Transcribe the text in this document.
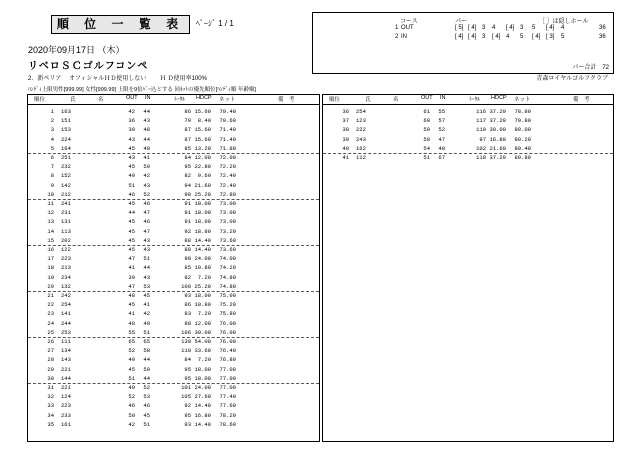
順 位 一 覧 表	ﾍﾟｰｼﾞ 1 / 1	コース	パー	［ ］は隠しホール
1 OUT	[ 5] [ 4] 3 4 [ 4] 3 5 [ 4] 4	36
2 IN	[ 4] [ 4] 3 [ 4] 4 5 [ 4] [ 3] 5	36
パー合計　72
2020年09月17日 （木）
リベロＳＣゴルフコンペ
2．新ペリア　 オフィシャルＨＤ使用しない　 　Ｈ Ｄ使用率100%	青森ロイヤルゴルフクラブ
ﾊﾝﾃﾞｨ上限男性[999.99] 女性[999.99] 上限を9倍ﾊﾞｰ込とする 同ﾈｯﾄの優先順位[ﾊﾝﾃﾞｨ順 年齢順]
順位	氏	名	OUT IN	ﾄｰﾀﾙ HDCP ネット	備　考
1 163	42	44	86 15.60 70.40
2 151	36	43	79	8.40 70.60
3 153	39	48	87 15.60 71.40
4 224	43	44	87 15.60 71.40
5 164	45	40	85 13.20 71.80
6 251	43	41	84 12.00 72.00
7 232	45	50	95 22.80 72.20
8 152	40	42	82	9.60 72.40
9 142	51	43	94 21.60 72.40
10 212	46	52	98 25.20 72.80
11 241	45	46	91 18.00 73.00
12 231	44	47	91 18.00 73.00
13 131	45	46	91 18.00 73.00
14 113	45	47	92 18.80 73.20
15 202	45	43	88 14.40 73.60
16 122	45	43	88 14.40 73.60
17 223	47	51	98 24.00 74.00
18 213	41	44	85 10.80 74.20
19 234	39	43	82	7.20 74.80
20 132	47	53	100 25.20 74.80
21 242	48	45	93 18.00 75.00
22 254	45	41	86 10.80 75.20
23 141	41	42	83	7.20 75.80
24 244	48	40	88 12.00 76.00
25 253	55	51	106 30.00 76.00
26 111	65	65	130 54.00 76.00
27 134	52	58	110 33.60 76.40
28 143	40	44	84	7.20 76.80
29 221	45	50	95 18.00 77.00
30 144	51	44	95 18.00 77.00
31 221	49	52	101 24.00 77.00
32 124	52	53	105 27.60 77.40
33 223	46	46	92 14.40 77.60
34 233	50	45	95 16.80 78.20
35 161	42	51	93 14.40 78.60
順位	氏	名	OUT IN	ﾄｰﾀﾙ HDCP ネット	備　考
36 254	61	55	116 37.20 78.80
37 123	60	57	117 37.20 79.80
38 222	50	52	110 30.00 80.00
39 243	50	47	97 16.80 80.20
40 162	54	48	102 21.60 80.40
41 112	51	67	118 37.20 80.80
